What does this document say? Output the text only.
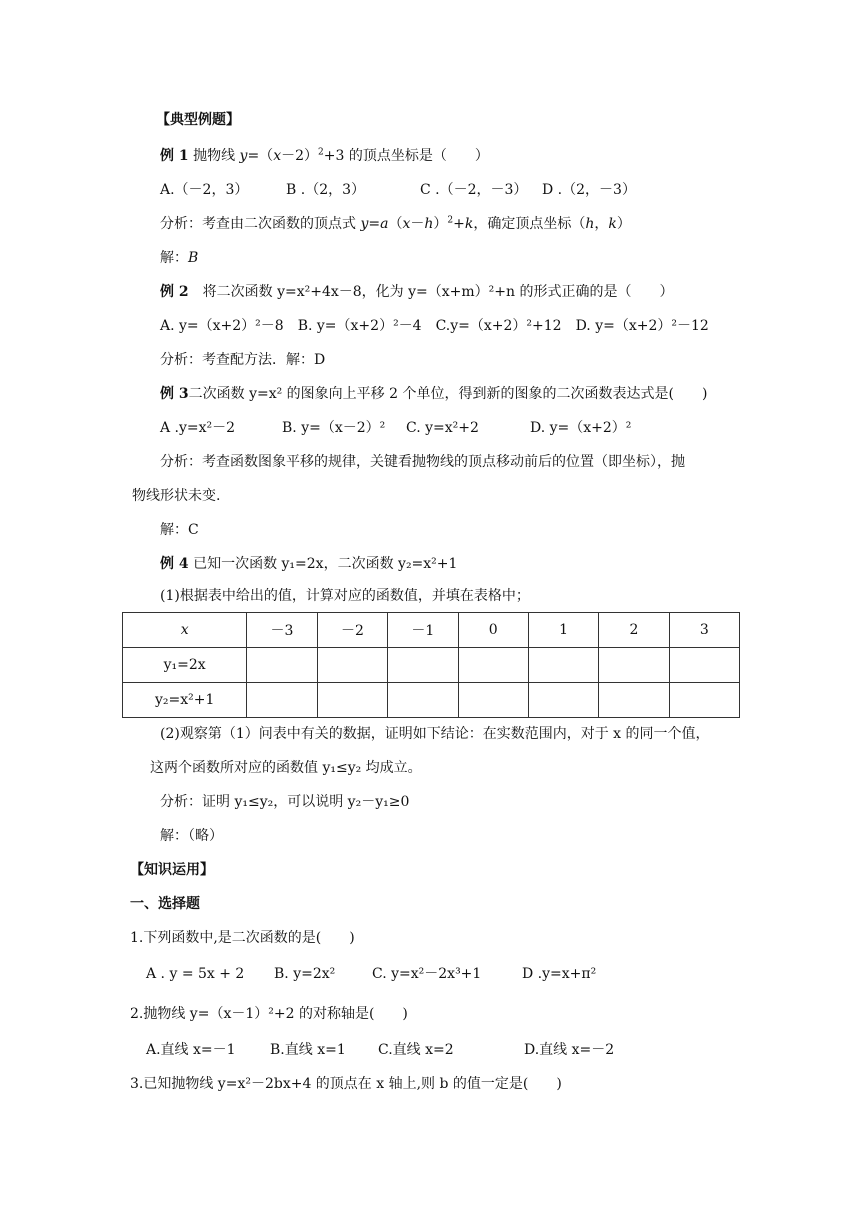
【典型例题】
例 1 抛物线 $y=(x-2)^2+3$ 的顶点坐标是（　　）
A.（－2，3）	B .（2，3）	C .（－2，－3） D .（2，－3）
分析：考查由二次函数的顶点式 $y=a(x-h)^2+k$，确定顶点坐标（h，k）
解：B
例 2　将二次函数 y=x²+4x－8，化为 y=（x+m）²+n 的形式正确的是（　　）
A. y=（x+2）²－8　B. y=（x+2）²－4　C.y=（x+2）²+12　D. y=（x+2）²－12
分析：考查配方法．解：D
例 3二次函数 y=x² 的图象向上平移 2 个单位，得到新的图象的二次函数表达式是(　　)
A .y=x²－2	B. y=（x－2）² C. y=x²+2	D. y=（x+2）²
分析：考查函数图象平移的规律，关键看抛物线的顶点移动前后的位置（即坐标），抛
物线形状未变.
解：C
例 4 已知一次函数 y₁=2x，二次函数 y₂=x²+1
(1)根据表中给出的值，计算对应的函数值，并填在表格中；
x	－3	－2	－1	0	1	2	3
y₁=2x							
y₂=x²+1							
(2)观察第（1）问表中有关的数据，证明如下结论：在实数范围内，对于 x 的同一个值，
这两个函数所对应的函数值 y₁≤y₂ 均成立。
分析：证明 y₁≤y₂，可以说明 y₂－y₁≥0
解：（略）
【知识运用】
一、选择题
1.下列函数中,是二次函数的是(　　)
A . y = 5x + 2 B. y=2x²	C. y=x²－2x³+1	D .y=x+π²
2.抛物线 y=（x－1）²+2 的对称轴是(　　)
A.直线 x=－1 B.直线 x=1 C.直线 x=2	D.直线 x=－2
3.已知抛物线 y=x²－2bx+4 的顶点在 x 轴上,则 b 的值一定是(　　)
